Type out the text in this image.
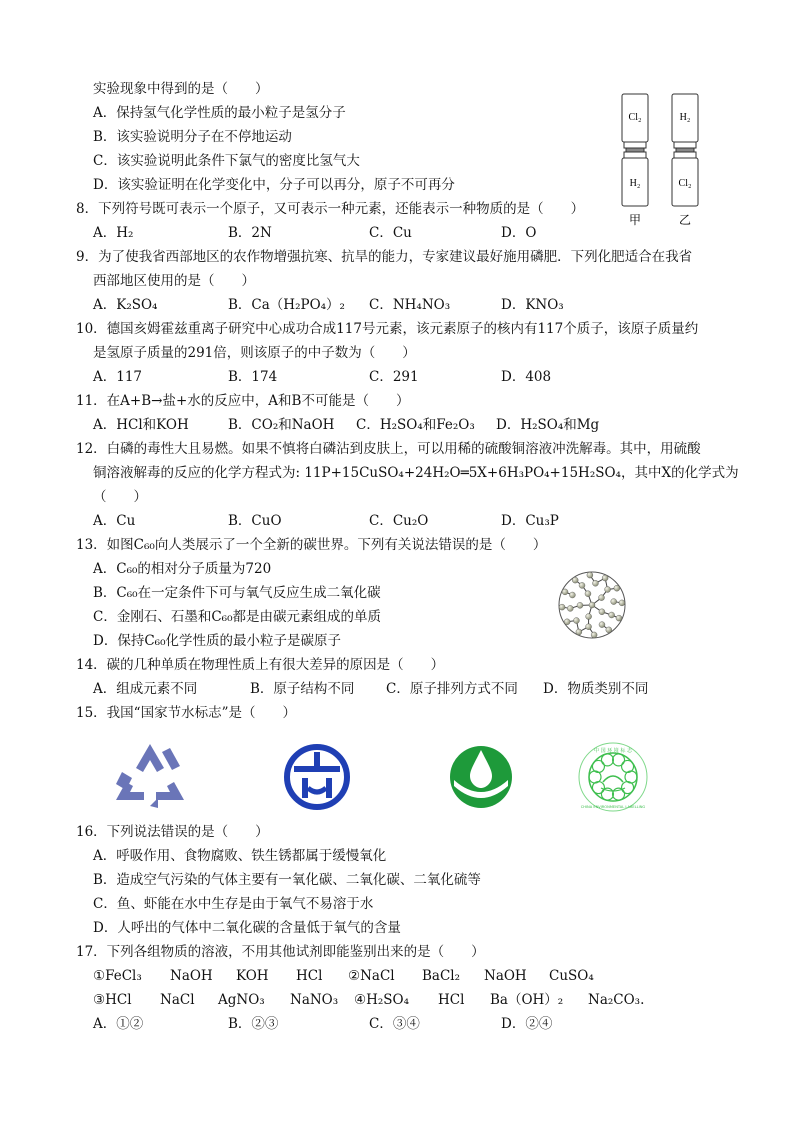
实验现象中得到的是（　　）
A．保持氢气化学性质的最小粒子是氢分子
B．该实验说明分子在不停地运动
C．该实验说明此条件下氯气的密度比氢气大
D．该实验证明在化学变化中，分子可以再分，原子不可再分
8．下列符号既可表示一个原子，又可表示一种元素，还能表示一种物质的是（　　）
9．为了使我省西部地区的农作物增强抗寒、抗旱的能力，专家建议最好施用磷肥．下列化肥适合在我省
西部地区使用的是（　　）
10．德国亥姆霍兹重离子研究中心成功合成117号元素，该元素原子的核内有117个质子，该原子质量约
是氢原子质量的291倍，则该原子的中子数为（　　）
11．在A+B→盐+水的反应中，A和B不可能是（　　）
12．白磷的毒性大且易燃。如果不慎将白磷沾到皮肤上，可以用稀的硫酸铜溶液冲洗解毒。其中，用硫酸
铜溶液解毒的反应的化学方程式为: 11P+15CuSO₄+24H₂O═5X+6H₃PO₄+15H₂SO₄，其中X的化学式为
（　　）
13．如图C₆₀向人类展示了一个全新的碳世界。下列有关说法错误的是（　　）
A．C₆₀的相对分子质量为720
B．C₆₀在一定条件下可与氧气反应生成二氧化碳
C．金刚石、石墨和C₆₀都是由碳元素组成的单质
D．保持C₆₀化学性质的最小粒子是碳原子
14．碳的几种单质在物理性质上有很大差异的原因是（　　）
15．我国“国家节水标志”是（　　）
16．下列说法错误的是（　　）
A．呼吸作用、食物腐败、铁生锈都属于缓慢氧化
B．造成空气污染的气体主要有一氧化碳、二氧化碳、二氧化硫等
C．鱼、虾能在水中生存是由于氧气不易溶于水
D．人呼出的气体中二氧化碳的含量低于氧气的含量
17．下列各组物质的溶液，不用其他试剂即能鉴别出来的是（　　）
A．H₂	B．2N	C．Cu	D．O
A．K₂SO₄	B．Ca（H₂PO₄）₂ C．NH₄NO₃	D．KNO₃
A．117	B．174	C．291	D．408
A．HCl和KOH	B．CO₂和NaOH C．H₂SO₄和Fe₂O₃ D．H₂SO₄和Mg
A．Cu	B．CuO	C．Cu₂O	D．Cu₃P
A．组成元素不同	B．原子结构不同 C．原子排列方式不同 D．物质类别不同
①FeCl₃ NaOH KOH HCl ②NaCl BaCl₂ NaOH CuSO₄
③HCl NaCl AgNO₃ NaNO₃ ④H₂SO₄ HCl Ba（OH）₂ Na₂CO₃.
A．①②	B．②③	C．③④	D．②④
Cl₂
H₂
H₂
Cl₂
甲	乙
中 国 环 境 标 志
CHINA ENVIRONMENTAL LABELLING
